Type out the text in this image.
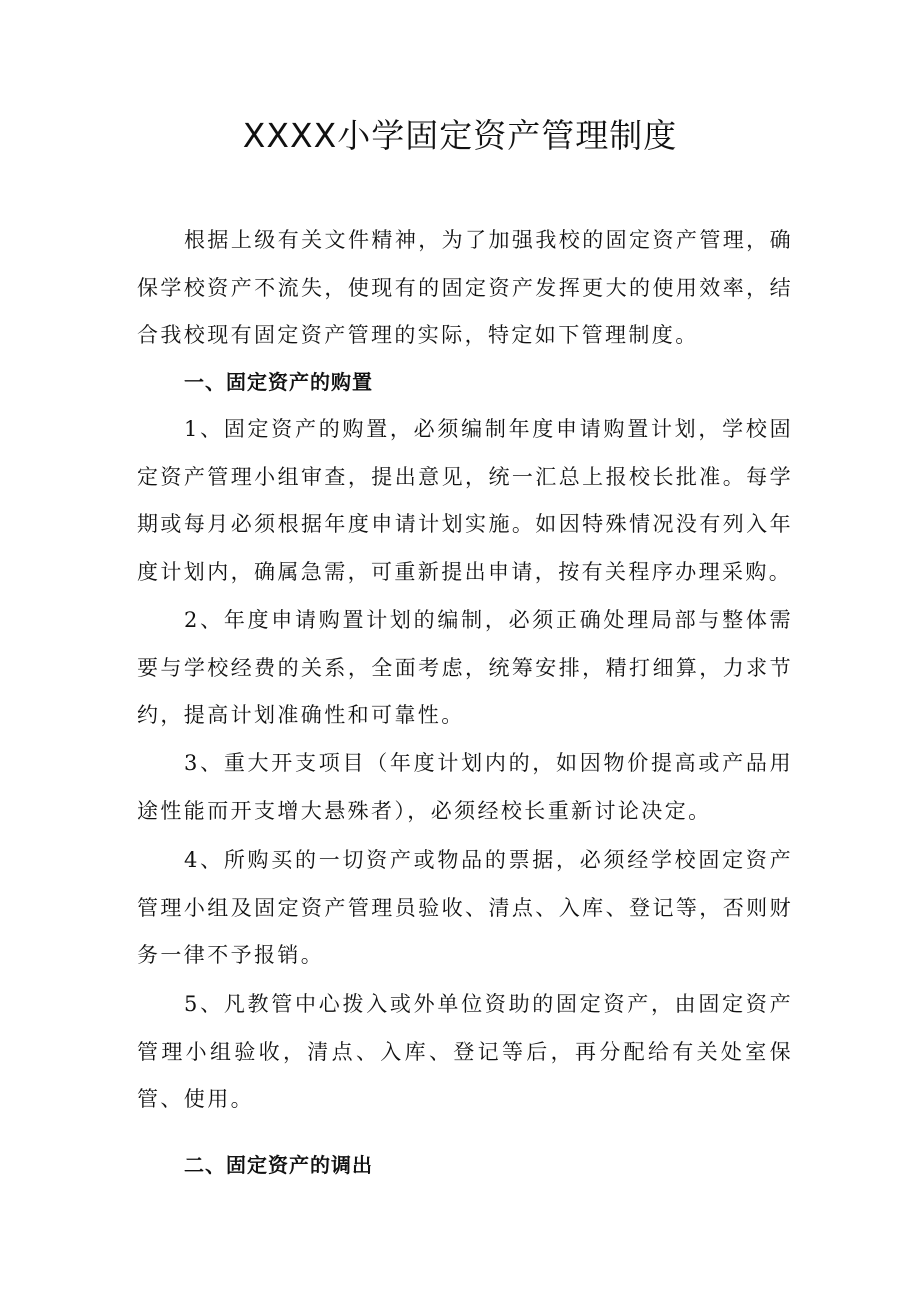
XXXX小学固定资产管理制度

根据上级有关文件精神，为了加强我校的固定资产管理，确保学校资产不流失，使现有的固定资产发挥更大的使用效率，结合我校现有固定资产管理的实际，特定如下管理制度。

一、固定资产的购置

1、固定资产的购置，必须编制年度申请购置计划，学校固定资产管理小组审查，提出意见，统一汇总上报校长批准。每学期或每月必须根据年度申请计划实施。如因特殊情况没有列入年度计划内，确属急需，可重新提出申请，按有关程序办理采购。

2、年度申请购置计划的编制，必须正确处理局部与整体需要与学校经费的关系，全面考虑，统筹安排，精打细算，力求节约，提高计划准确性和可靠性。

3、重大开支项目（年度计划内的，如因物价提高或产品用途性能而开支增大悬殊者），必须经校长重新讨论决定。

4、所购买的一切资产或物品的票据，必须经学校固定资产管理小组及固定资产管理员验收、清点、入库、登记等，否则财务一律不予报销。

5、凡教管中心拨入或外单位资助的固定资产，由固定资产管理小组验收，清点、入库、登记等后，再分配给有关处室保管、使用。

二、固定资产的调出
